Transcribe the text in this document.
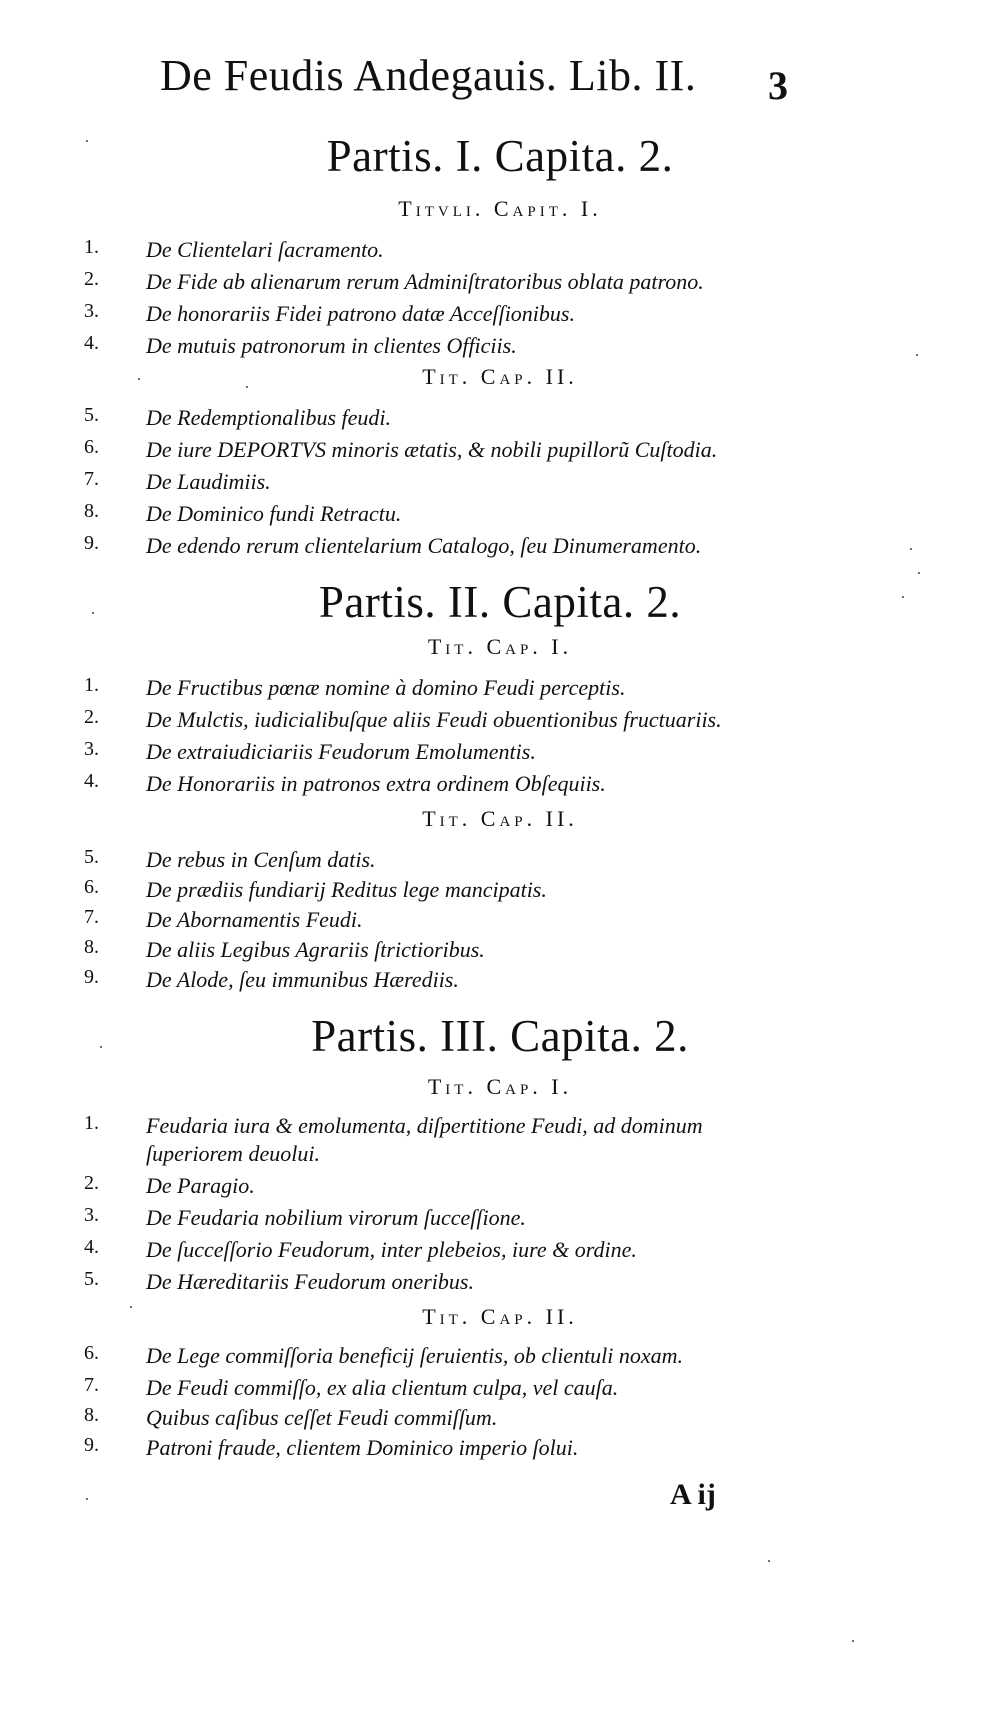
De Feudis Andegauis. Lib. II. 3
Partis. I. Capita. 2.
Titvli. Capit. I.
1. De Clientelari ſacramento.
2. De Fide ab alienarum rerum Adminiſtratoribus oblata patrono.
3. De honorariis Fidei patrono datæ Acceſſionibus.
4. De mutuis patronorum in clientes Officiis.
Tit. Cap. II.
5. De Redemptionalibus feudi.
6. De iure DEPORTVS minoris ætatis, & nobili pupillorũ Cuſtodia.
7. De Laudimiis.
8. De Dominico fundi Retractu.
9. De edendo rerum clientelarium Catalogo, ſeu Dinumeramento.
Partis. II. Capita. 2.
Tit. Cap. I.
1. De Fructibus pœnæ nomine à domino Feudi perceptis.
2. De Mulctis, iudicialibuſque aliis Feudi obuentionibus fructuariis.
3. De extraiudiciariis Feudorum Emolumentis.
4. De Honorariis in patronos extra ordinem Obſequiis.
Tit. Cap. II.
5. De rebus in Cenſum datis.
6. De prædiis fundiarij Reditus lege mancipatis.
7. De Abornamentis Feudi.
8. De aliis Legibus Agrariis ſtrictioribus.
9. De Alode, ſeu immunibus Hærediis.
Partis. III. Capita. 2.
Tit. Cap. I.
1. Feudaria iura & emolumenta, diſpertitione Feudi, ad dominum ſuperiorem deuolui.
2. De Paragio.
3. De Feudaria nobilium virorum ſucceſſione.
4. De ſucceſſorio Feudorum, inter plebeios, iure & ordine.
5. De Hæreditariis Feudorum oneribus.
Tit. Cap. II.
6. De Lege commiſſoria beneficij ſeruientis, ob clientuli noxam.
7. De Feudi commiſſo, ex alia clientum culpa, vel cauſa.
8. Quibus caſibus ceſſet Feudi commiſſum.
9. Patroni fraude, clientem Dominico imperio ſolui.
A ij
